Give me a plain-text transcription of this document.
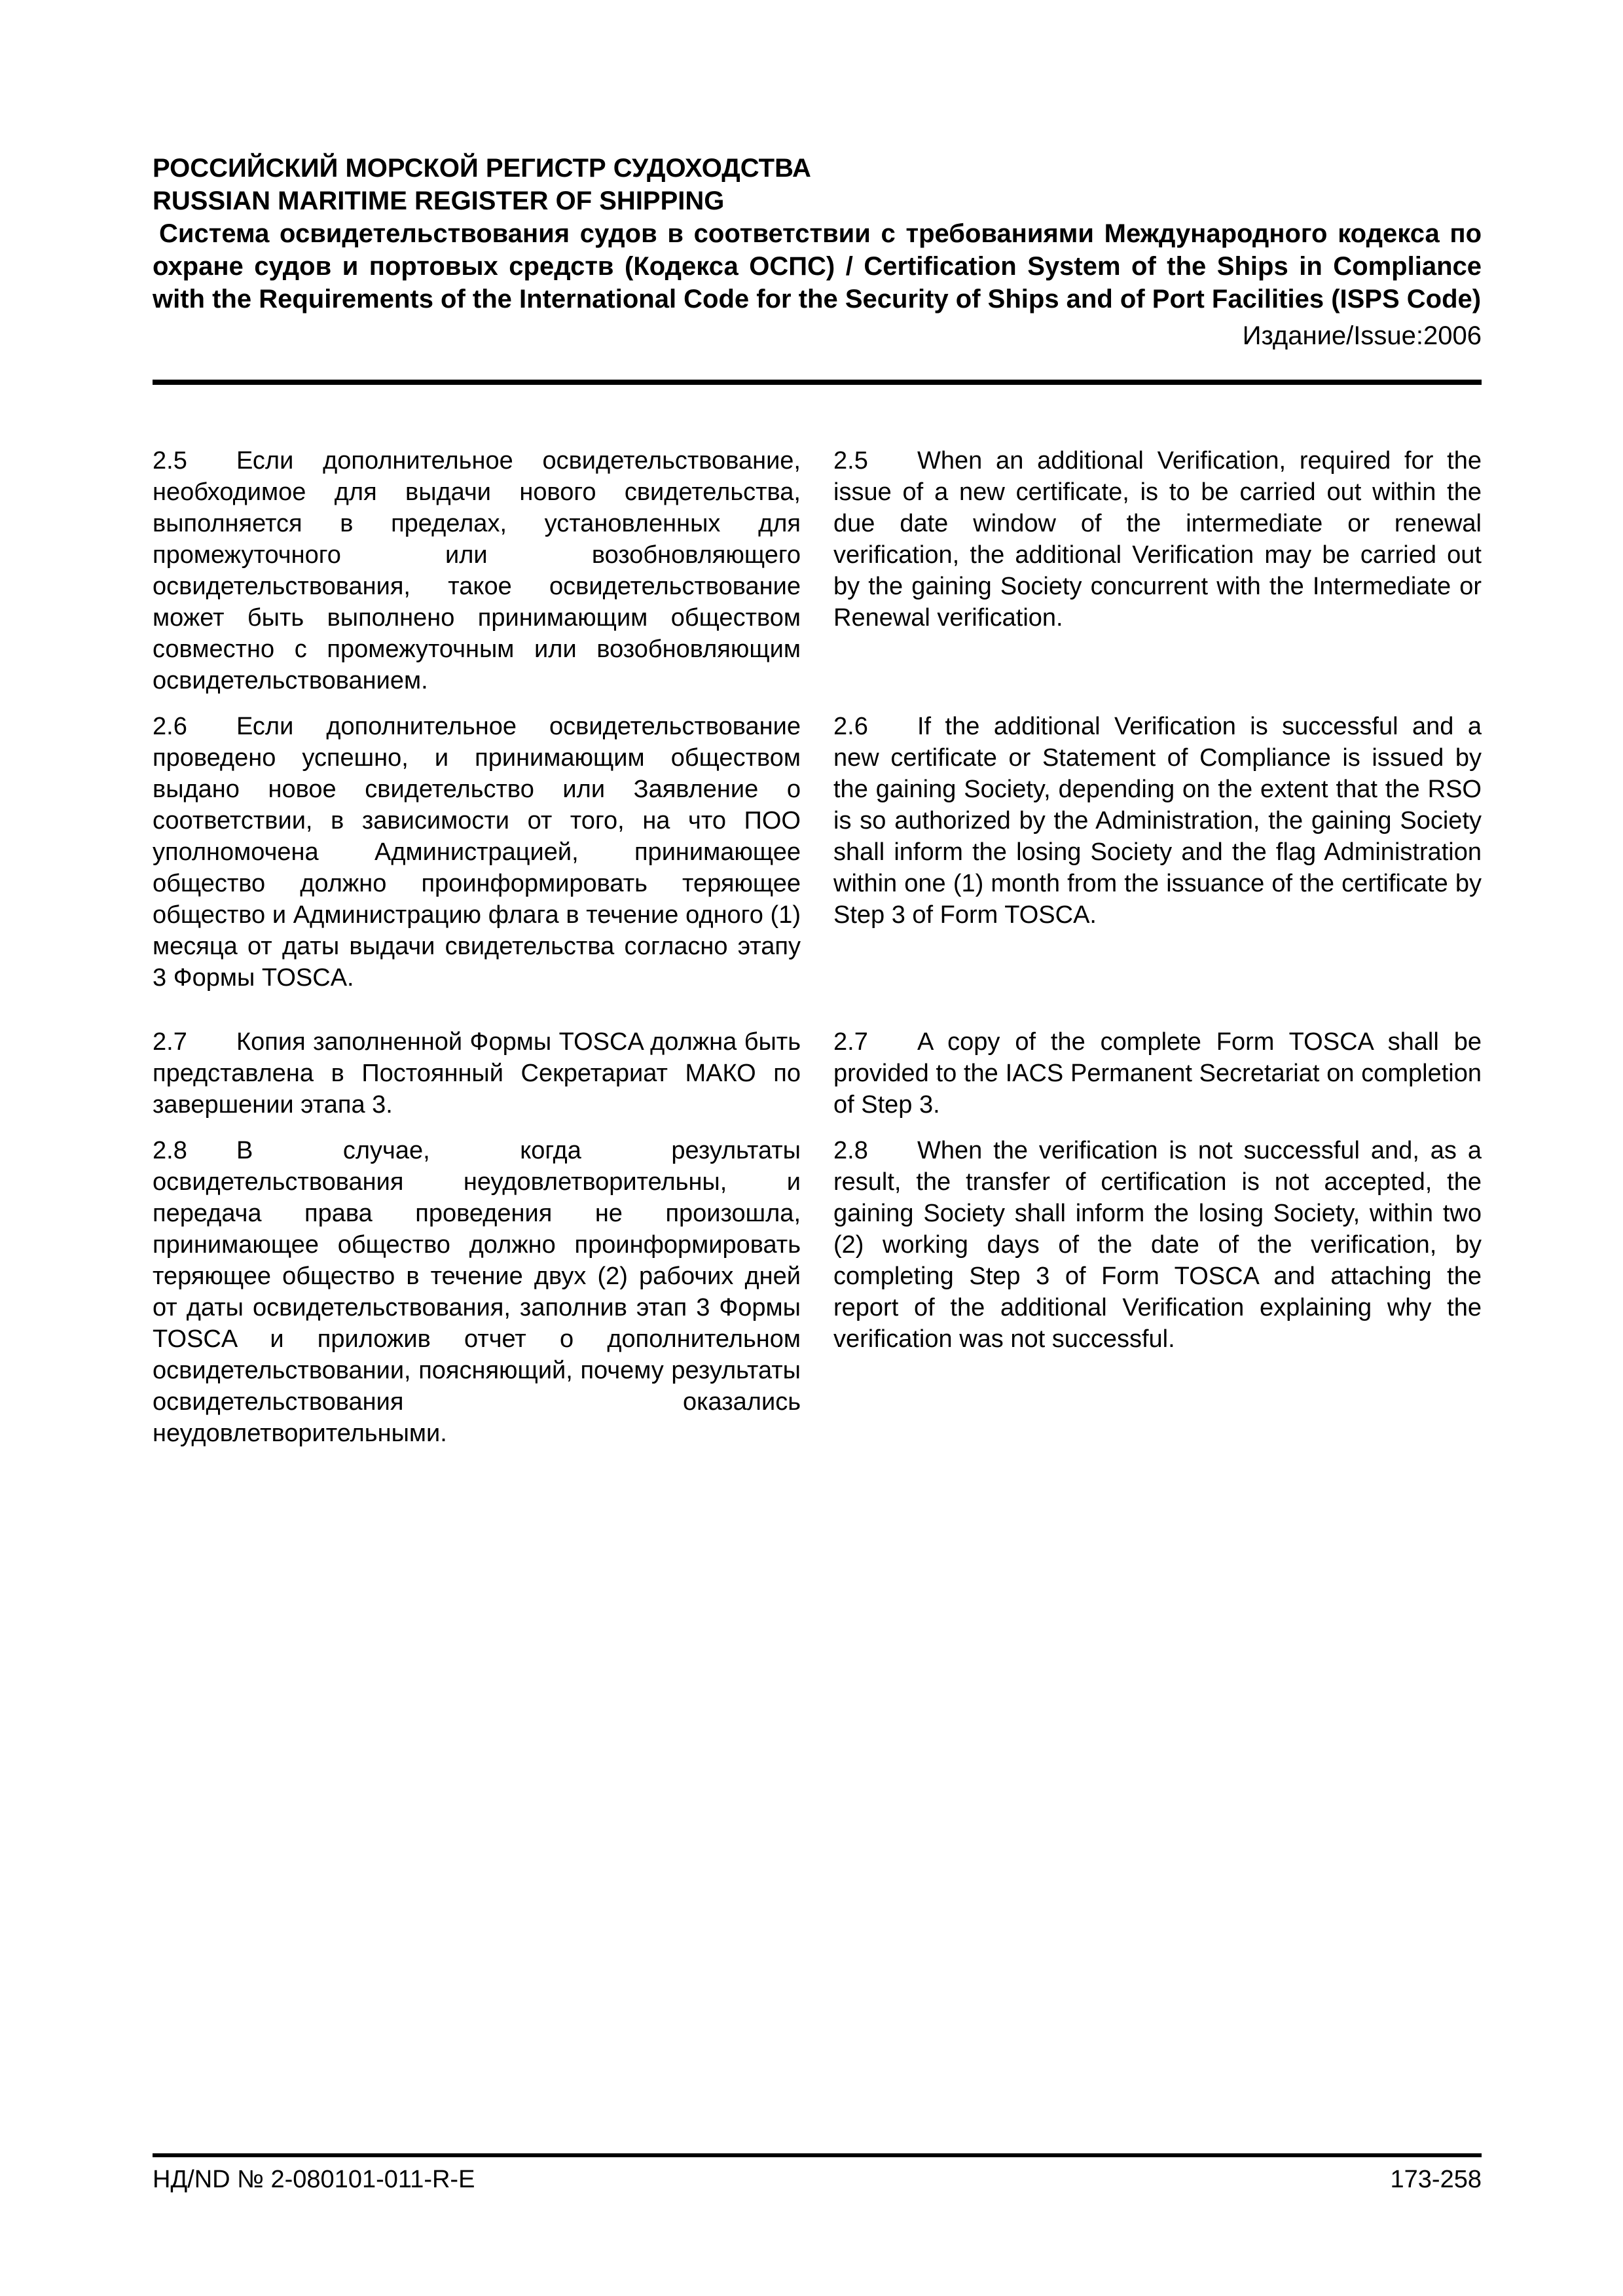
РОССИЙСКИЙ МОРСКОЙ РЕГИСТР СУДОХОДСТВА

RUSSIAN MARITIME REGISTER OF SHIPPING

Система освидетельствования судов в соответствии с требованиями Международного кодекса по охране судов и портовых средств (Кодекса ОСПС) / Certification System of the Ships in Compliance with the Requirements of the International Code for the Security of Ships and of Port Facilities (ISPS Code)

Издание/Issue:2006
2.5 Если дополнительное освидетельствование, необходимое для выдачи нового свидетельства, выполняется в пределах, установленных для промежуточного или возобновляющего освидетельствования, такое освидетельствование может быть выполнено принимающим обществом совместно с промежуточным или возобновляющим освидетельствованием.
2.5 When an additional Verification, required for the issue of a new certificate, is to be carried out within the due date window of the intermediate or renewal verification, the additional Verification may be carried out by the gaining Society concurrent with the Intermediate or Renewal verification.
2.6 Если дополнительное освидетельствование проведено успешно, и принимающим обществом выдано новое свидетельство или Заявление о соответствии, в зависимости от того, на что ПОО уполномочена Администрацией, принимающее общество должно проинформировать теряющее общество и Администрацию флага в течение одного (1) месяца от даты выдачи свидетельства согласно этапу 3 Формы TOSCA.
2.6 If the additional Verification is successful and a new certificate or Statement of Compliance is issued by the gaining Society, depending on the extent that the RSO is so authorized by the Administration, the gaining Society shall inform the losing Society and the flag Administration within one (1) month from the issuance of the certificate by Step 3 of Form TOSCA.
2.7 Копия заполненной Формы TOSCA должна быть представлена в Постоянный Секретариат МАКО по завершении этапа 3.
2.7 A copy of the complete Form TOSCA shall be provided to the IACS Permanent Secretariat on completion of Step 3.
2.8 В случае, когда результаты освидетельствования неудовлетворительны, и передача права проведения не произошла, принимающее общество должно проинформировать теряющее общество в течение двух (2) рабочих дней от даты освидетельствования, заполнив этап 3 Формы TOSCA и приложив отчет о дополнительном освидетельствовании, поясняющий, почему результаты освидетельствования оказались неудовлетворительными.
2.8 When the verification is not successful and, as a result, the transfer of certification is not accepted, the gaining Society shall inform the losing Society, within two (2) working days of the date of the verification, by completing Step 3 of Form TOSCA and attaching the report of the additional Verification explaining why the verification was not successful.
НД/ND № 2-080101-011-R-E	173-258
